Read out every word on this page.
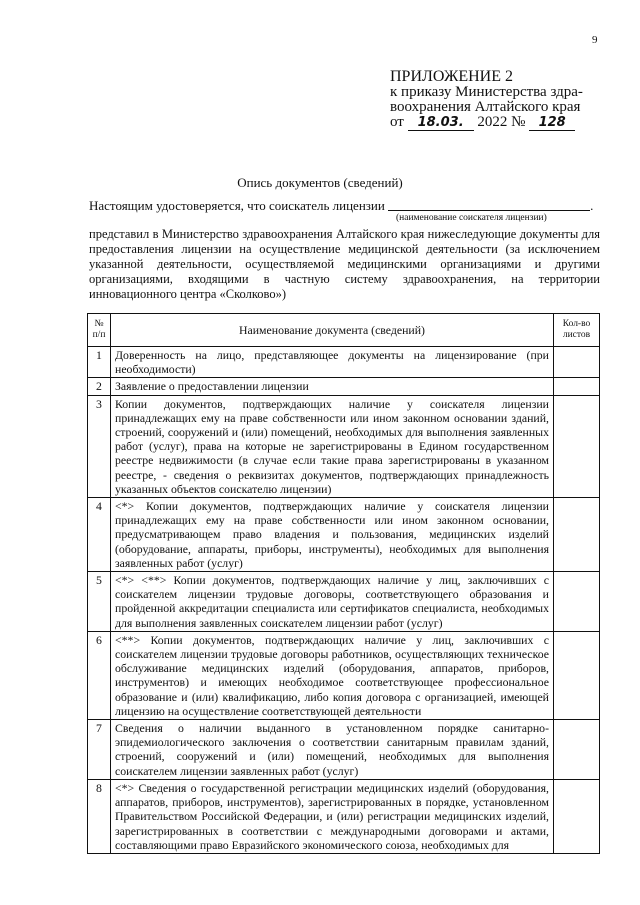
9
ПРИЛОЖЕНИЕ 2
к приказу Министерства здра-
воохранения Алтайского края
от 18.03. 2022 № 128
Опись документов (сведений)
Настоящим удостоверяется, что соискатель лицензии	.
(наименование соискателя лицензии)
представил в Министерство здравоохранения Алтайского края нижеследующие документы для предоставления лицензии на осуществление медицинской деятельности (за исключением указанной деятельности, осуществляемой медицинскими организациями и другими организациями, входящими в частную систему здравоохранения, на территории инновационного центра «Сколково»)
№ п/п	Наименование документа (сведений)	Кол-во листов
1	Доверенность на лицо, представляющее документы на лицензирование (при необходимости)	
2	Заявление о предоставлении лицензии	
3	Копии документов, подтверждающих наличие у соискателя лицензии принадлежащих ему на праве собственности или ином законном основании зданий, строений, сооружений и (или) помещений, необходимых для выполнения заявленных работ (услуг), права на которые не зарегистрированы в Едином государственном реестре недвижимости (в случае если такие права зарегистрированы в указанном реестре, - сведения о реквизитах документов, подтверждающих принадлежность указанных объектов соискателю лицензии)	
4	<*> Копии документов, подтверждающих наличие у соискателя лицензии принадлежащих ему на праве собственности или ином законном основании, предусматривающем право владения и пользования, медицинских изделий (оборудование, аппараты, приборы, инструменты), необходимых для выполнения заявленных работ (услуг)	
5	<*> <**> Копии документов, подтверждающих наличие у лиц, заключивших с соискателем лицензии трудовые договоры, соответствующего образования и пройденной аккредитации специалиста или сертификатов специалиста, необходимых для выполнения заявленных соискателем лицензии работ (услуг)	
6	<**> Копии документов, подтверждающих наличие у лиц, заключивших с соискателем лицензии трудовые договоры работников, осуществляющих техническое обслуживание медицинских изделий (оборудования, аппаратов, приборов, инструментов) и имеющих необходимое соответствующее профессиональное образование и (или) квалификацию, либо копия договора с организацией, имеющей лицензию на осуществление соответствующей деятельности	
7	Сведения о наличии выданного в установленном порядке санитарно-эпидемиологического заключения о соответствии санитарным правилам зданий, строений, сооружений и (или) помещений, необходимых для выполнения соискателем лицензии заявленных работ (услуг)	
8	<*> Сведения о государственной регистрации медицинских изделий (оборудования, аппаратов, приборов, инструментов), зарегистрированных в порядке, установленном Правительством Российской Федерации, и (или) регистрации медицинских изделий, зарегистрированных в соответствии с международными договорами и актами, составляющими право Евразийского экономического союза, необходимых для	
